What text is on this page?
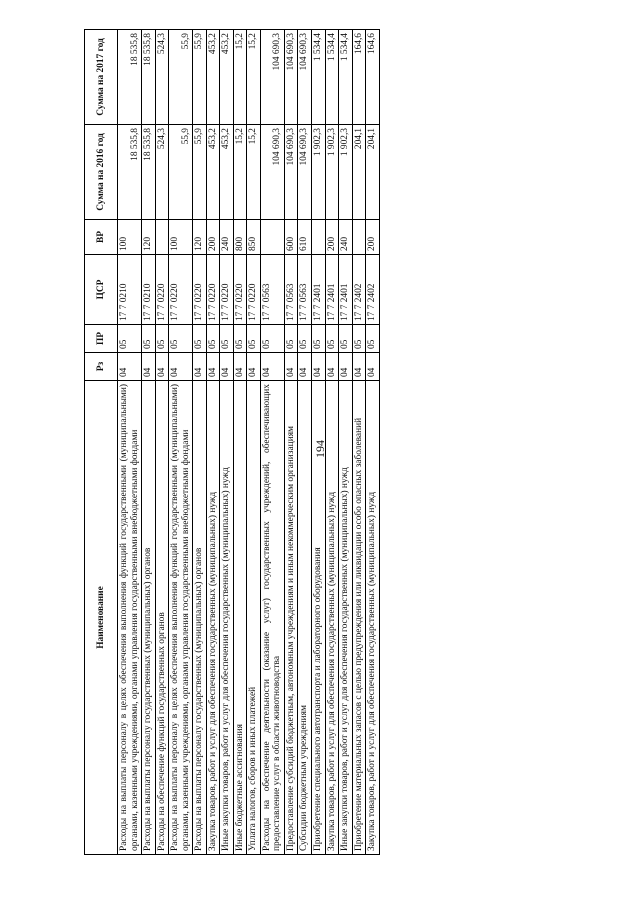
194
Наименование	Рз	ПР	ЦСР	ВР	Сумма на 2016 год	Сумма на 2017 год
Расходы на выплаты персоналу в целях обеспечения выполнения функций государственными (муниципальными) органами, казенными учреждениями, органами управления государственными внебюджетными фондами	04	05	17 7 0210	100	18 535,8	18 535,8
Расходы на выплаты персоналу государственных (муниципальных) органов	04	05	17 7 0210	120	18 535,8	18 535,8
Расходы на обеспечение функций государственных органов	04	05	17 7 0220		524,3	524,3
Расходы на выплаты персоналу в целях обеспечения выполнения функций государственными (муниципальными) органами, казенными учреждениями, органами управления государственными внебюджетными фондами	04	05	17 7 0220	100	55,9	55,9
Расходы на выплаты персоналу государственных (муниципальных) органов	04	05	17 7 0220	120	55,9	55,9
Закупка товаров, работ и услуг для обеспечения государственных (муниципальных) нужд	04	05	17 7 0220	200	453,2	453,2
Иные закупки товаров, работ и услуг для обеспечения государственных (муниципальных) нужд	04	05	17 7 0220	240	453,2	453,2
Иные бюджетные ассигнования	04	05	17 7 0220	800	15,2	15,2
Уплата налогов, сборов и иных платежей	04	05	17 7 0220	850	15,2	15,2
Расходы на обеспечение деятельности (оказание услуг) государственных учреждений, обеспечивающих предоставление услуг в области животноводства	04	05	17 7 0563		104 690,3	104 690,3
Предоставление субсидий бюджетным, автономным учреждениям и иным некоммерческим организациям	04	05	17 7 0563	600	104 690,3	104 690,3
Субсидии бюджетным учреждениям	04	05	17 7 0563	610	104 690,3	104 690,3
Приобретение специального автотранспорта и лабораторного оборудования	04	05	17 7 2401		1 902,3	1 534,4
Закупка товаров, работ и услуг для обеспечения государственных (муниципальных) нужд	04	05	17 7 2401	200	1 902,3	1 534,4
Иные закупки товаров, работ и услуг для обеспечения государственных (муниципальных) нужд	04	05	17 7 2401	240	1 902,3	1 534,4
Приобретение материальных запасов с целью предупреждения или ликвидации особо опасных заболеваний	04	05	17 7 2402		204,1	164,6
Закупка товаров, работ и услуг для обеспечения государственных (муниципальных) нужд	04	05	17 7 2402	200	204,1	164,6
